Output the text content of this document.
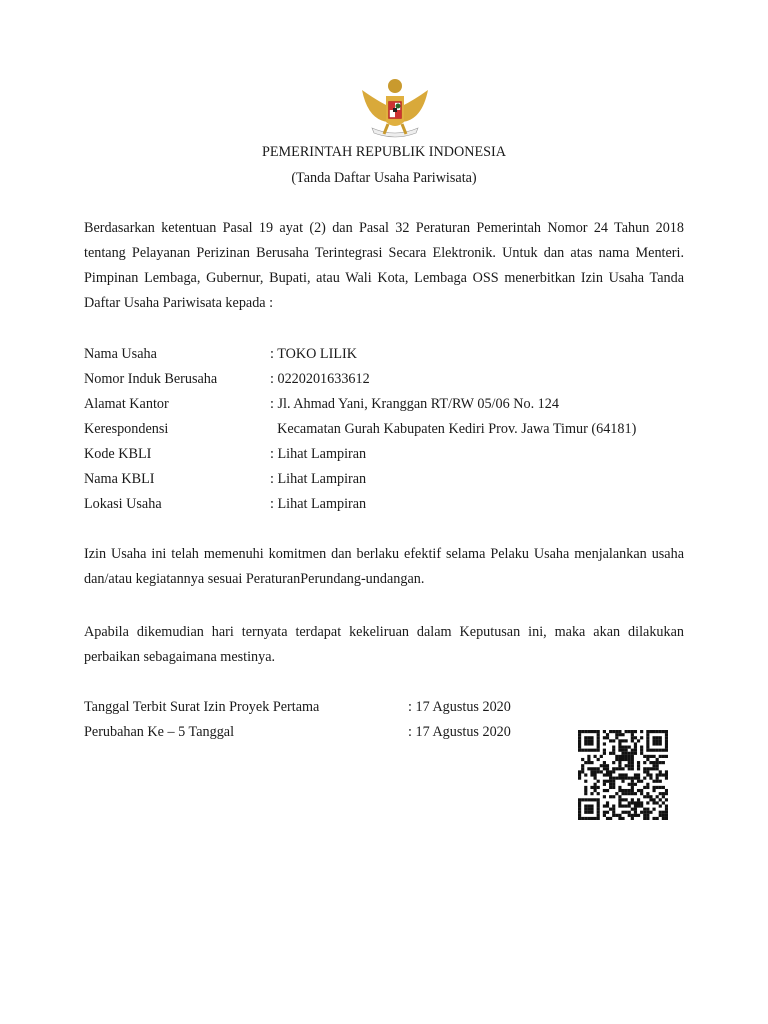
PEMERINTAH REPUBLIK INDONESIA
(Tanda Daftar Usaha Pariwisata)
Berdasarkan ketentuan Pasal 19 ayat (2) dan Pasal 32 Peraturan Pemerintah Nomor 24 Tahun 2018 tentang Pelayanan Perizinan Berusaha Terintegrasi Secara Elektronik. Untuk dan atas nama Menteri. Pimpinan Lembaga, Gubernur, Bupati, atau Wali Kota, Lembaga OSS menerbitkan Izin Usaha Tanda Daftar Usaha Pariwisata kepada :
Nama Usaha	: TOKO LILIK
Nomor Induk Berusaha	: 0220201633612
Alamat Kantor	: Jl. Ahmad Yani, Kranggan RT/RW 05/06 No. 124
Kerespondensi	Kecamatan Gurah Kabupaten Kediri Prov. Jawa Timur (64181)
Kode KBLI	: Lihat Lampiran
Nama KBLI	: Lihat Lampiran
Lokasi Usaha	: Lihat Lampiran
Izin Usaha ini telah memenuhi komitmen dan berlaku efektif selama Pelaku Usaha menjalankan usaha dan/atau kegiatannya sesuai PeraturanPerundang-undangan.
Apabila dikemudian hari ternyata terdapat kekeliruan dalam Keputusan ini, maka akan dilakukan perbaikan sebagaimana mestinya.
Tanggal Terbit Surat Izin Proyek Pertama	: 17 Agustus 2020
Perubahan Ke – 5 Tanggal	: 17 Agustus 2020
